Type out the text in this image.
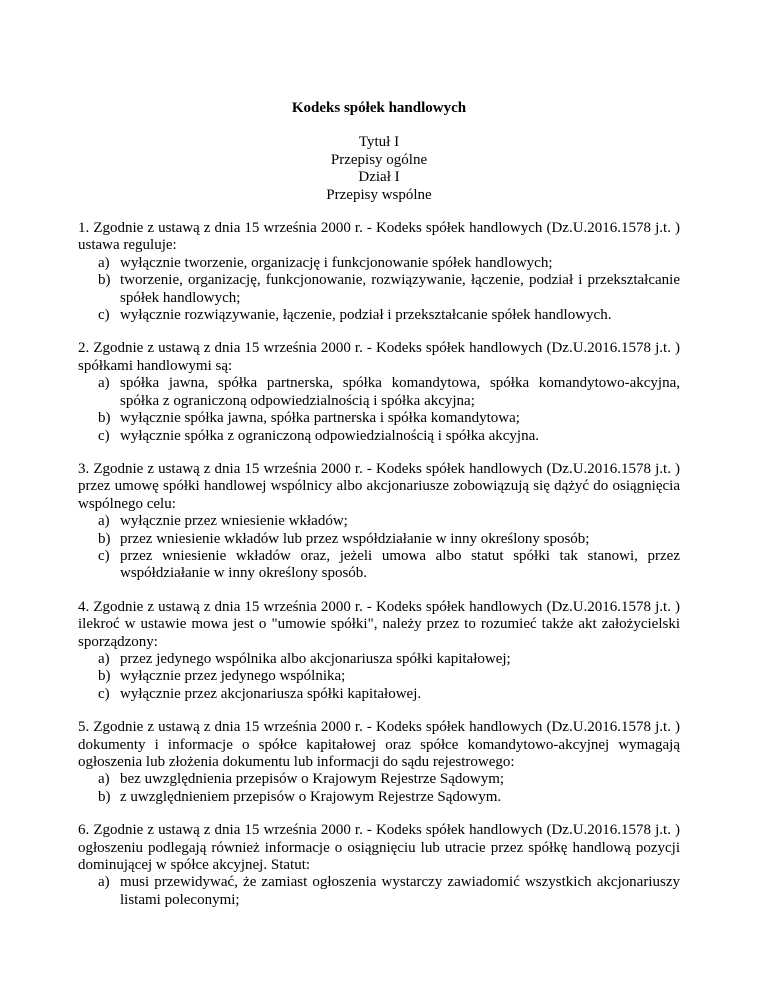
Kodeks spółek handlowych
Tytuł I
Przepisy ogólne
Dział I
Przepisy wspólne

1. Zgodnie z ustawą z dnia 15 września 2000 r. - Kodeks spółek handlowych (Dz.U.2016.1578 j.t. ) ustawa reguluje:

a) wyłącznie tworzenie, organizację i funkcjonowanie spółek handlowych;
b) tworzenie, organizację, funkcjonowanie, rozwiązywanie, łączenie, podział i przekształcanie spółek handlowych;
c) wyłącznie rozwiązywanie, łączenie, podział i przekształcanie spółek handlowych.

2. Zgodnie z ustawą z dnia 15 września 2000 r. - Kodeks spółek handlowych (Dz.U.2016.1578 j.t. ) spółkami handlowymi są:

a) spółka jawna, spółka partnerska, spółka komandytowa, spółka komandytowo-akcyjna, spółka z ograniczoną odpowiedzialnością i spółka akcyjna;
b) wyłącznie spółka jawna, spółka partnerska i spółka komandytowa;
c) wyłącznie spółka z ograniczoną odpowiedzialnością i spółka akcyjna.

3. Zgodnie z ustawą z dnia 15 września 2000 r. - Kodeks spółek handlowych (Dz.U.2016.1578 j.t. ) przez umowę spółki handlowej wspólnicy albo akcjonariusze zobowiązują się dążyć do osiągnięcia wspólnego celu:

a) wyłącznie przez wniesienie wkładów;
b) przez wniesienie wkładów lub przez współdziałanie w inny określony sposób;
c) przez wniesienie wkładów oraz, jeżeli umowa albo statut spółki tak stanowi, przez współdziałanie w inny określony sposób.

4. Zgodnie z ustawą z dnia 15 września 2000 r. - Kodeks spółek handlowych (Dz.U.2016.1578 j.t. ) ilekroć w ustawie mowa jest o "umowie spółki", należy przez to rozumieć także akt założycielski sporządzony:

a) przez jedynego wspólnika albo akcjonariusza spółki kapitałowej;
b) wyłącznie przez jedynego wspólnika;
c) wyłącznie przez akcjonariusza spółki kapitałowej.

5. Zgodnie z ustawą z dnia 15 września 2000 r. - Kodeks spółek handlowych (Dz.U.2016.1578 j.t. ) dokumenty i informacje o spółce kapitałowej oraz spółce komandytowo-akcyjnej wymagają ogłoszenia lub złożenia dokumentu lub informacji do sądu rejestrowego:

a) bez uwzględnienia przepisów o Krajowym Rejestrze Sądowym;
b) z uwzględnieniem przepisów o Krajowym Rejestrze Sądowym.

6. Zgodnie z ustawą z dnia 15 września 2000 r. - Kodeks spółek handlowych (Dz.U.2016.1578 j.t. ) ogłoszeniu podlegają również informacje o osiągnięciu lub utracie przez spółkę handlową pozycji dominującej w spółce akcyjnej. Statut:

a) musi przewidywać, że zamiast ogłoszenia wystarczy zawiadomić wszystkich akcjonariuszy listami poleconymi;
